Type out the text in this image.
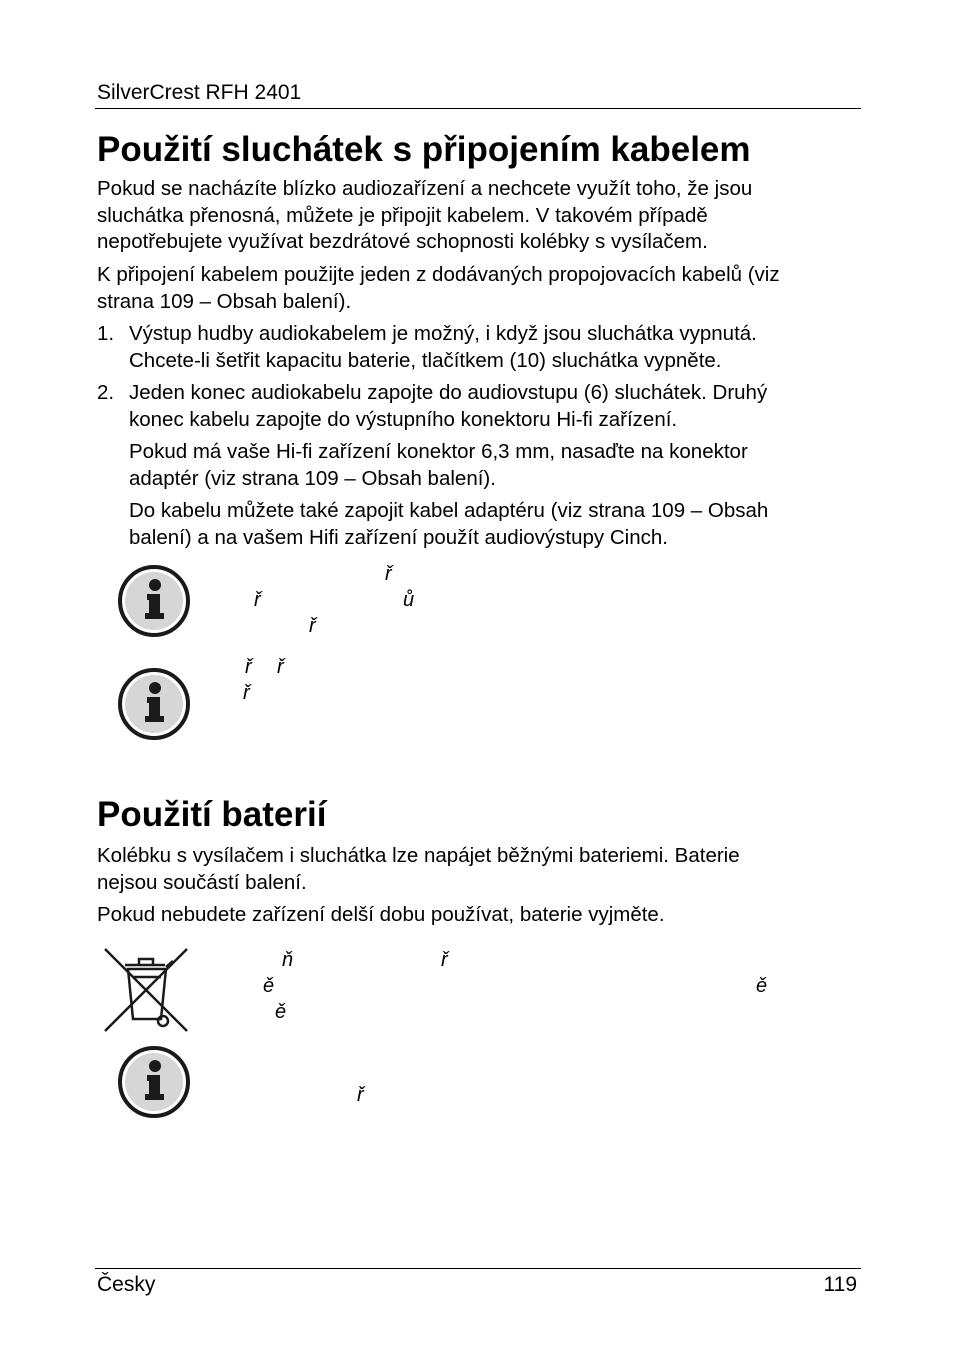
SilverCrest RFH 2401
Použití sluchátek s připojením kabelem
Pokud se nacházíte blízko audiozařízení a nechcete využít toho, že jsou
sluchátka přenosná, můžete je připojit kabelem. V takovém případě
nepotřebujete využívat bezdrátové schopnosti kolébky s vysílačem.
K připojení kabelem použijte jeden z dodávaných propojovacích kabelů (viz
strana 109 – Obsah balení).
1. Výstup hudby audiokabelem je možný, i když jsou sluchátka vypnutá.
Chcete-li šetřit kapacitu baterie, tlačítkem (10) sluchátka vypněte.
2. Jeden konec audiokabelu zapojte do audiovstupu (6) sluchátek. Druhý
konec kabelu zapojte do výstupního konektoru Hi-fi zařízení.
Pokud má vaše Hi-fi zařízení konektor 6,3 mm, nasaďte na konektor
adaptér (viz strana 109 – Obsah balení).
Do kabelu můžete také zapojit kabel adaptéru (viz strana 109 – Obsah
balení) a na vašem Hifi zařízení použít audiovýstupy Cinch.
ř
ř	ů
ř
ř ř
ř
Použití baterií
Kolébku s vysílačem i sluchátka lze napájet běžnými bateriemi. Baterie
nejsou součástí balení.
Pokud nebudete zařízení delší dobu používat, baterie vyjměte.
ň	ř
ě	ě
ě
ř
Česky	119
